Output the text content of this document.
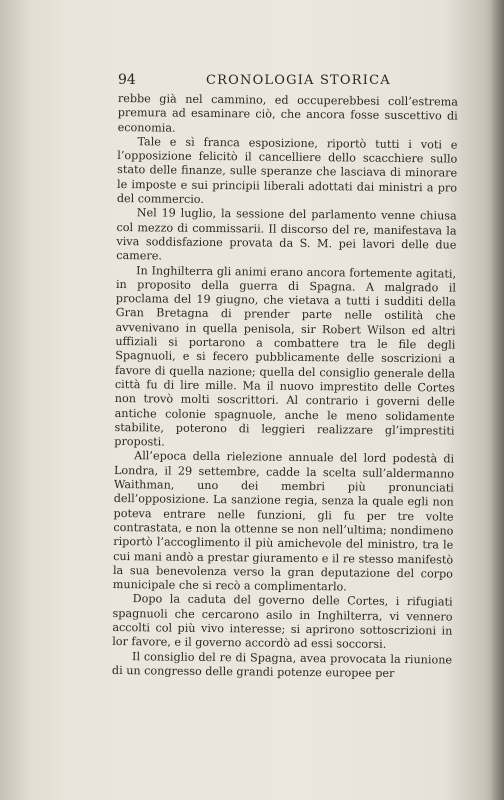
94	CRONOLOGIA STORICA

rebbe già nel cammino, ed occuperebbesi coll’estrema premura ad esaminare ciò, che ancora fosse suscettivo di economia.

Tale e sì franca esposizione, riportò tutti i voti e l’opposizione felicitò il cancelliere dello scacchiere sullo stato delle finanze, sulle speranze che lasciava di minorare le imposte e sui principii liberali adottati dai ministri a pro del commercio.

Nel 19 luglio, la sessione del parlamento venne chiusa col mezzo di commissarii. Il discorso del re, manifestava la viva soddisfazione provata da S. M. pei lavori delle due camere.

In Inghilterra gli animi erano ancora fortemente agitati, in proposito della guerra di Spagna. A malgrado il proclama del 19 giugno, che vietava a tutti i sudditi della Gran Bretagna di prender parte nelle ostilità che avvenivano in quella penisola, sir Robert Wilson ed altri uffiziali si portarono a combattere tra le file degli Spagnuoli, e si fecero pubblicamente delle soscrizioni a favore di quella nazione; quella del consiglio generale della città fu di lire mille. Ma il nuovo imprestito delle Cortes non trovò molti soscrittori. Al contrario i governi delle antiche colonie spagnuole, anche le meno solidamente stabilite, poterono di leggieri realizzare gl’imprestiti proposti.

All’epoca della rielezione annuale del lord podestà di Londra, il 29 settembre, cadde la scelta sull’aldermanno Waithman, uno dei membri più pronunciati dell’opposizione. La sanzione regia, senza la quale egli non poteva entrare nelle funzioni, gli fu per tre volte contrastata, e non la ottenne se non nell’ultima; nondimeno riportò l’accoglimento il più amichevole del ministro, tra le cui mani andò a prestar giuramento e il re stesso manifestò la sua benevolenza verso la gran deputazione del corpo municipale che si recò a complimentarlo.

Dopo la caduta del governo delle Cortes, i rifugiati spagnuoli che cercarono asilo in Inghilterra, vi vennero accolti col più vivo interesse; si aprirono sottoscrizioni in lor favore, e il governo accordò ad essi soccorsi.

Il consiglio del re di Spagna, avea provocata la riunione di un congresso delle grandi potenze europee per
